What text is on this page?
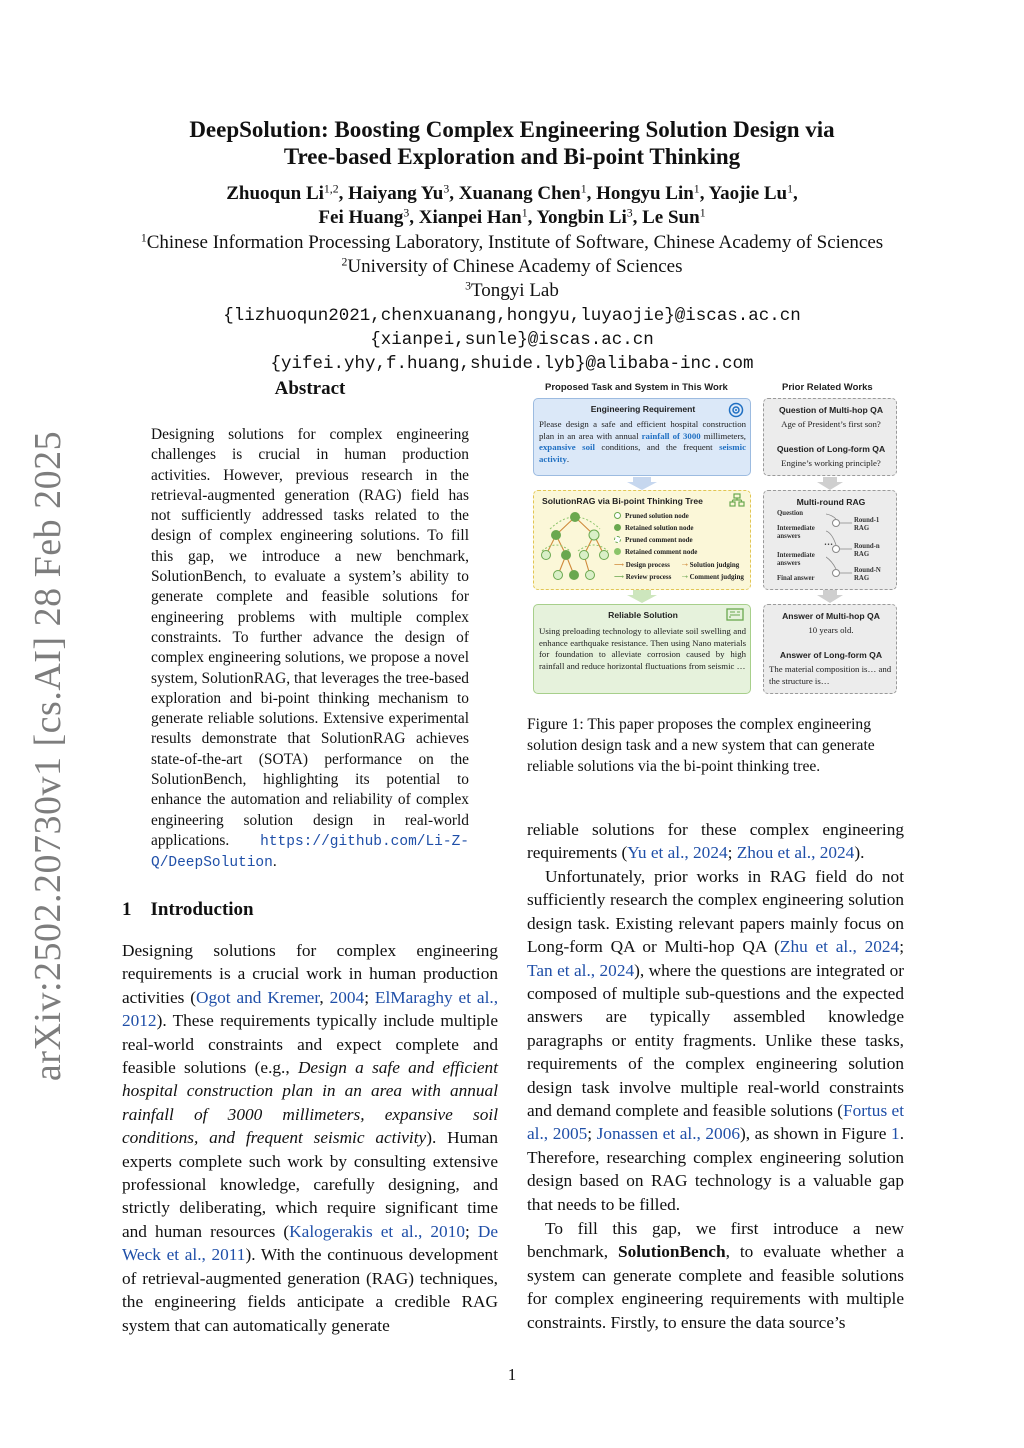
arXiv:2502.20730v1 [cs.AI] 28 Feb 2025
DeepSolution: Boosting Complex Engineering Solution Design via
Tree-based Exploration and Bi-point Thinking
Zhuoqun Li$^{1,2}$, Haiyang Yu$^3$, Xuanang Chen$^1$, Hongyu Lin$^1$, Yaojie Lu$^1$,
Fei Huang$^3$, Xianpei Han$^1$, Yongbin Li$^3$, Le Sun$^1$
$^1$Chinese Information Processing Laboratory, Institute of Software, Chinese Academy of Sciences
$^2$University of Chinese Academy of Sciences
$^3$Tongyi Lab
{lizhuoqun2021,chenxuanang,hongyu,luyaojie}@iscas.ac.cn
{xianpei,sunle}@iscas.ac.cn
{yifei.yhy,f.huang,shuide.lyb}@alibaba-inc.com
Abstract
Designing solutions for complex engineering challenges is crucial in human production activities. However, previous research in the retrieval-augmented generation (RAG) field has not sufficiently addressed tasks related to the design of complex engineering solutions. To fill this gap, we introduce a new benchmark, SolutionBench, to evaluate a system’s ability to generate complete and feasible solutions for engineering problems with multiple complex constraints. To further advance the design of complex engineering solutions, we propose a novel system, SolutionRAG, that leverages the tree-based exploration and bi-point thinking mechanism to generate reliable solutions. Extensive experimental results demonstrate that SolutionRAG achieves state-of-the-art (SOTA) performance on the SolutionBench, highlighting its potential to enhance the automation and reliability of complex engineering solution design in real-world applications. https://github.com/Li-Z-Q/DeepSolution.
1 Introduction
Designing solutions for complex engineering requirements is a crucial work in human production activities (Ogot and Kremer, 2004; ElMaraghy et al., 2012). These requirements typically include multiple real-world constraints and expect complete and feasible solutions (e.g., Design a safe and efficient hospital construction plan in an area with annual rainfall of 3000 millimeters, expansive soil conditions, and frequent seismic activity). Human experts complete such work by consulting extensive professional knowledge, carefully designing, and strictly deliberating, which require significant time and human resources (Kalogerakis et al., 2010; De Weck et al., 2011). With the continuous development of retrieval-augmented generation (RAG) techniques, the engineering fields anticipate a credible RAG system that can automatically generate
Proposed Task and System in This Work	Prior Related Works
Engineering Requirement
Please design a safe and efficient hospital construction plan in an area with annual rainfall of 3000 millimeters, expansive soil conditions, and the frequent seismic activity.
Question of Multi-hop QA
Age of President’s first son?
Question of Long-form QA
Engine’s working principle?
SolutionRAG via Bi-point Thinking Tree
Pruned solution node
Retained solution node
Pruned comment node
Retained comment node
⟶ Design process ⇢ Solution judging
⟶ Review process ⇢ Comment judging
Multi-round RAG
Question
Intermediate answers
…
Intermediate answers
Final answer
Round-1 RAG
Round-n RAG
Round-N RAG
Reliable Solution
Using preloading technology to alleviate soil swelling and enhance earthquake resistance. Then using Nano materials for foundation to alleviate corrosion caused by high rainfall and reduce horizontal fluctuations from seismic …
Answer of Multi-hop QA
10 years old.
Answer of Long-form QA
The material composition is… and the structure is…
Figure 1: This paper proposes the complex engineering solution design task and a new system that can generate reliable solutions via the bi-point thinking tree.
reliable solutions for these complex engineering requirements (Yu et al., 2024; Zhou et al., 2024).
Unfortunately, prior works in RAG field do not sufficiently research the complex engineering solution design task. Existing relevant papers mainly focus on Long-form QA or Multi-hop QA (Zhu et al., 2024; Tan et al., 2024), where the questions are integrated or composed of multiple sub-questions and the expected answers are typically assembled knowledge paragraphs or entity fragments. Unlike these tasks, requirements of the complex engineering solution design task involve multiple real-world constraints and demand complete and feasible solutions (Fortus et al., 2005; Jonassen et al., 2006), as shown in Figure 1. Therefore, researching complex engineering solution design based on RAG technology is a valuable gap that needs to be filled.
To fill this gap, we first introduce a new benchmark, SolutionBench, to evaluate whether a system can generate complete and feasible solutions for complex engineering requirements with multiple constraints. Firstly, to ensure the data source’s
1
